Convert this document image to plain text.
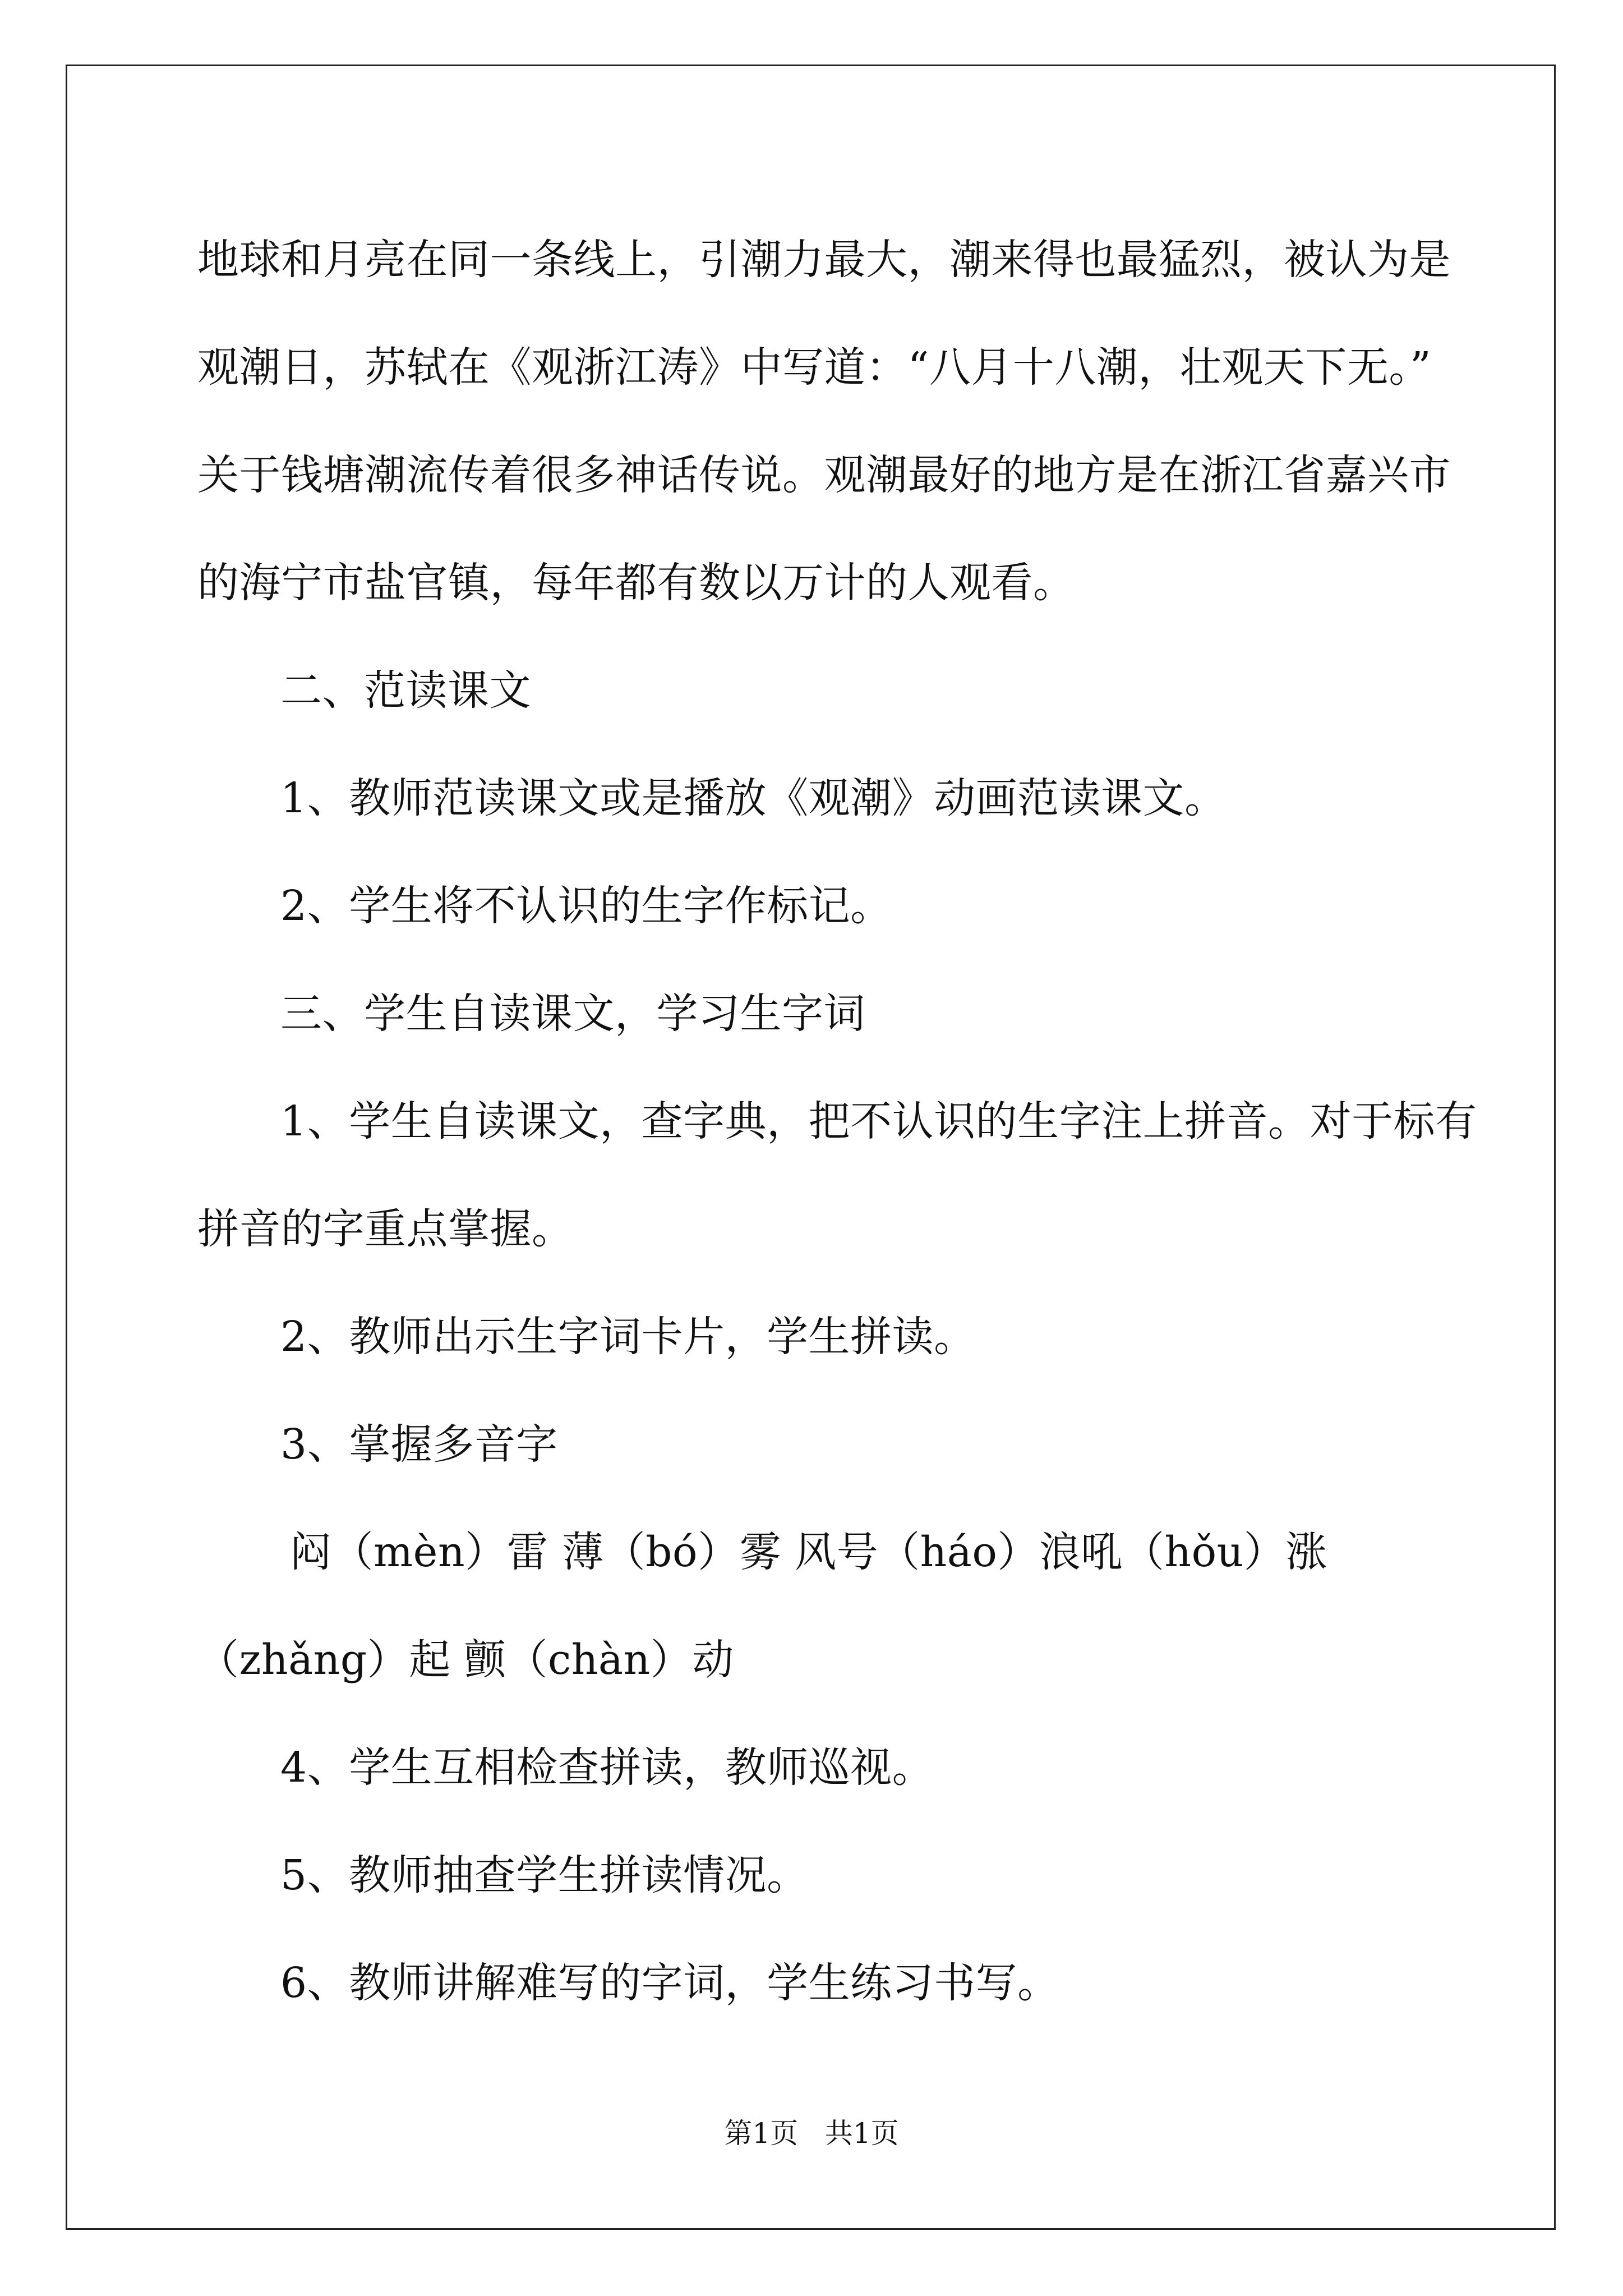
地球和月亮在同一条线上，引潮力最大，潮来得也最猛烈，被认为是
观潮日，苏轼在《观浙江涛》中写道：“八月十八潮，壮观天下无。”
关于钱塘潮流传着很多神话传说。观潮最好的地方是在浙江省嘉兴市
的海宁市盐官镇，每年都有数以万计的人观看。
二、范读课文
1、教师范读课文或是播放《观潮》动画范读课文。
2、学生将不认识的生字作标记。
三、学生自读课文，学习生字词
1、学生自读课文，查字典，把不认识的生字注上拼音。对于标有
拼音的字重点掌握。
2、教师出示生字词卡片，学生拼读。
3、掌握多音字
闷（mèn）雷 薄（bó）雾 风号（háo）浪吼（hǒu）涨
（zhǎng）起 颤（chàn）动
4、学生互相检查拼读，教师巡视。
5、教师抽查学生拼读情况。
6、教师讲解难写的字词，学生练习书写。
第1页   共1页
